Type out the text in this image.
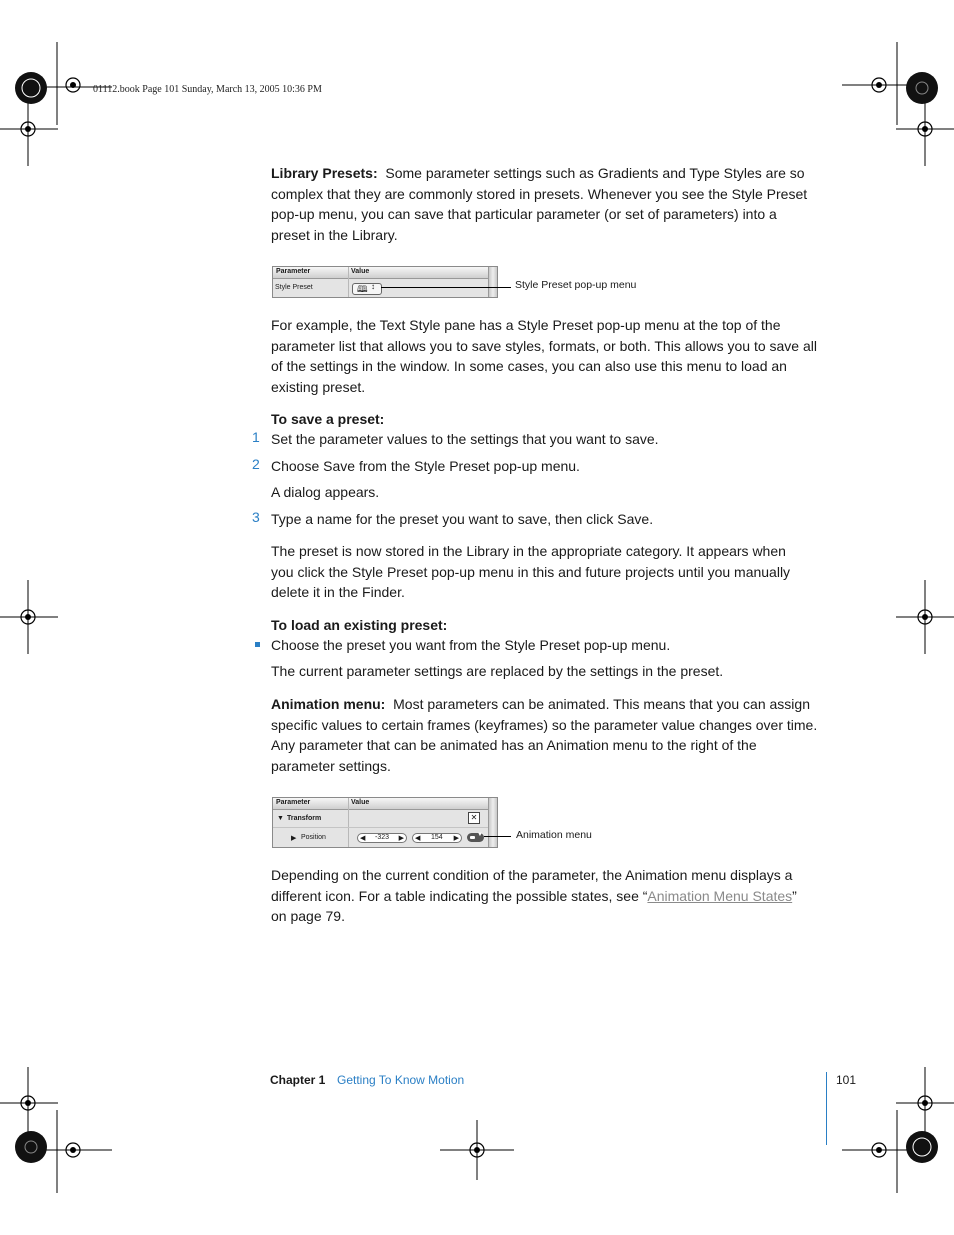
01112.book Page 101 Sunday, March 13, 2005 10:36 PM
Library Presets: Some parameter settings such as Gradients and Type Styles are so
complex that they are commonly stored in presets. Whenever you see the Style Preset
pop-up menu, you can save that particular parameter (or set of parameters) into a
preset in the Library.
Parameter	Value
Style Preset	🕮 ↕	Style Preset pop-up menu
For example, the Text Style pane has a Style Preset pop-up menu at the top of the
parameter list that allows you to save styles, formats, or both. This allows you to save all
of the settings in the window. In some cases, you can also use this menu to load an
existing preset.
To save a preset:
1 Set the parameter values to the settings that you want to save.
2 Choose Save from the Style Preset pop-up menu.
A dialog appears.
3 Type a name for the preset you want to save, then click Save.
The preset is now stored in the Library in the appropriate category. It appears when
you click the Style Preset pop-up menu in this and future projects until you manually
delete it in the Finder.
To load an existing preset:
Choose the preset you want from the Style Preset pop-up menu.
The current parameter settings are replaced by the settings in the preset.
Animation menu: Most parameters can be animated. This means that you can assign
specific values to certain frames (keyframes) so the parameter value changes over time.
Any parameter that can be animated has an Animation menu to the right of the
parameter settings.
Parameter	Value
▼ Transform	✕
▶ Position	◀ -323 ▶ ◀ 154 ▶	▼	Animation menu
Depending on the current condition of the parameter, the Animation menu displays a
different icon. For a table indicating the possible states, see “Animation Menu States”
on page 79.
Chapter 1 Getting To Know Motion	101
